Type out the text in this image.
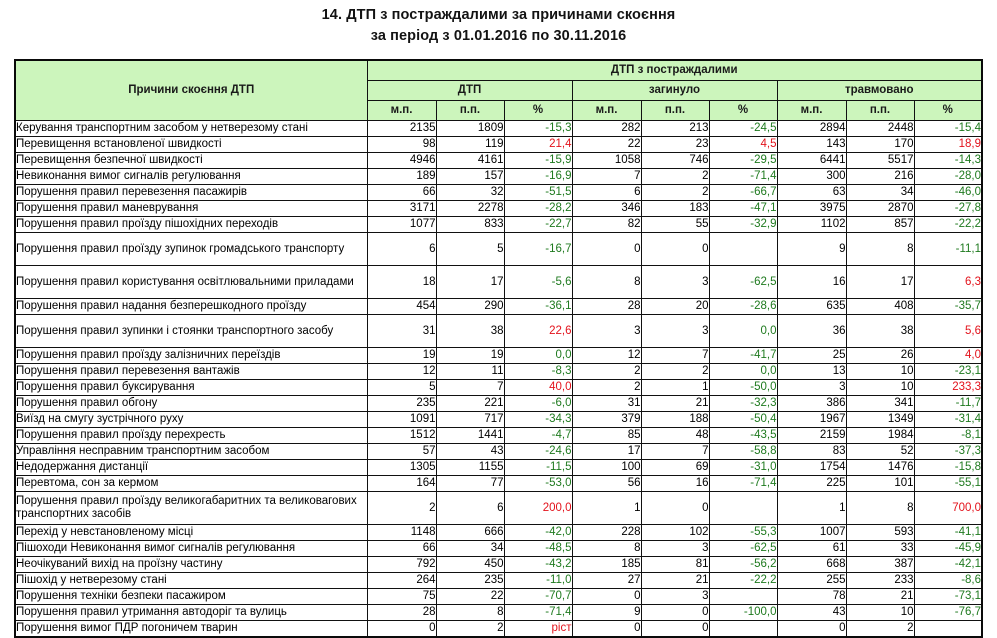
14. ДТП з постраждалими за причинами скоєння
за період з 01.01.2016 по 30.11.2016
Причини скоєння ДТП	ДТП з постраждалими								
	ДТП			загинуло			травмовано		
	м.п.	п.п.	%	м.п.	п.п.	%	м.п.	п.п.	%
Керування транспортним засобом у нетверезому стані	2135	1809	-15,3	282	213	-24,5	2894	2448	-15,4
Перевищення встановленої швидкості	98	119	21,4	22	23	4,5	143	170	18,9
Перевищення безпечної швидкості	4946	4161	-15,9	1058	746	-29,5	6441	5517	-14,3
Невиконання вимог сигналів регулювання	189	157	-16,9	7	2	-71,4	300	216	-28,0
Порушення правил перевезення пасажирів	66	32	-51,5	6	2	-66,7	63	34	-46,0
Порушення правил маневрування	3171	2278	-28,2	346	183	-47,1	3975	2870	-27,8
Порушення правил проїзду пішохідних переходів	1077	833	-22,7	82	55	-32,9	1102	857	-22,2
Порушення правил проїзду зупинок громадського транспорту	6	5	-16,7	0	0		9	8	-11,1
Порушення правил користування освітлювальними приладами	18	17	-5,6	8	3	-62,5	16	17	6,3
Порушення правил надання безперешкодного проїзду	454	290	-36,1	28	20	-28,6	635	408	-35,7
Порушення правил зупинки і стоянки транспортного засобу	31	38	22,6	3	3	0,0	36	38	5,6
Порушення правил проїзду залізничних переїздів	19	19	0,0	12	7	-41,7	25	26	4,0
Порушення правил перевезення вантажів	12	11	-8,3	2	2	0,0	13	10	-23,1
Порушення правил буксирування	5	7	40,0	2	1	-50,0	3	10	233,3
Порушення правил обгону	235	221	-6,0	31	21	-32,3	386	341	-11,7
Виїзд на смугу зустрічного руху	1091	717	-34,3	379	188	-50,4	1967	1349	-31,4
Порушення правил проїзду перехресть	1512	1441	-4,7	85	48	-43,5	2159	1984	-8,1
Управління несправним транспортним засобом	57	43	-24,6	17	7	-58,8	83	52	-37,3
Недодержання дистанції	1305	1155	-11,5	100	69	-31,0	1754	1476	-15,8
Перевтома, сон за кермом	164	77	-53,0	56	16	-71,4	225	101	-55,1
Порушення правил проїзду великогабаритних та великовагових транспортних засобів	2	6	200,0	1	0		1	8	700,0
Перехід у невстановленому місці	1148	666	-42,0	228	102	-55,3	1007	593	-41,1
Пішоходи Невиконання вимог сигналів регулювання	66	34	-48,5	8	3	-62,5	61	33	-45,9
Неочікуваний вихід на проїзну частину	792	450	-43,2	185	81	-56,2	668	387	-42,1
Пішохід у нетверезому стані	264	235	-11,0	27	21	-22,2	255	233	-8,6
Порушення техніки безпеки пасажиром	75	22	-70,7	0	3		78	21	-73,1
Порушення правил утримання автодоріг та вулиць	28	8	-71,4	9	0	-100,0	43	10	-76,7
Порушення вимог ПДР погоничем тварин	0	2	ріст	0	0		0	2	
